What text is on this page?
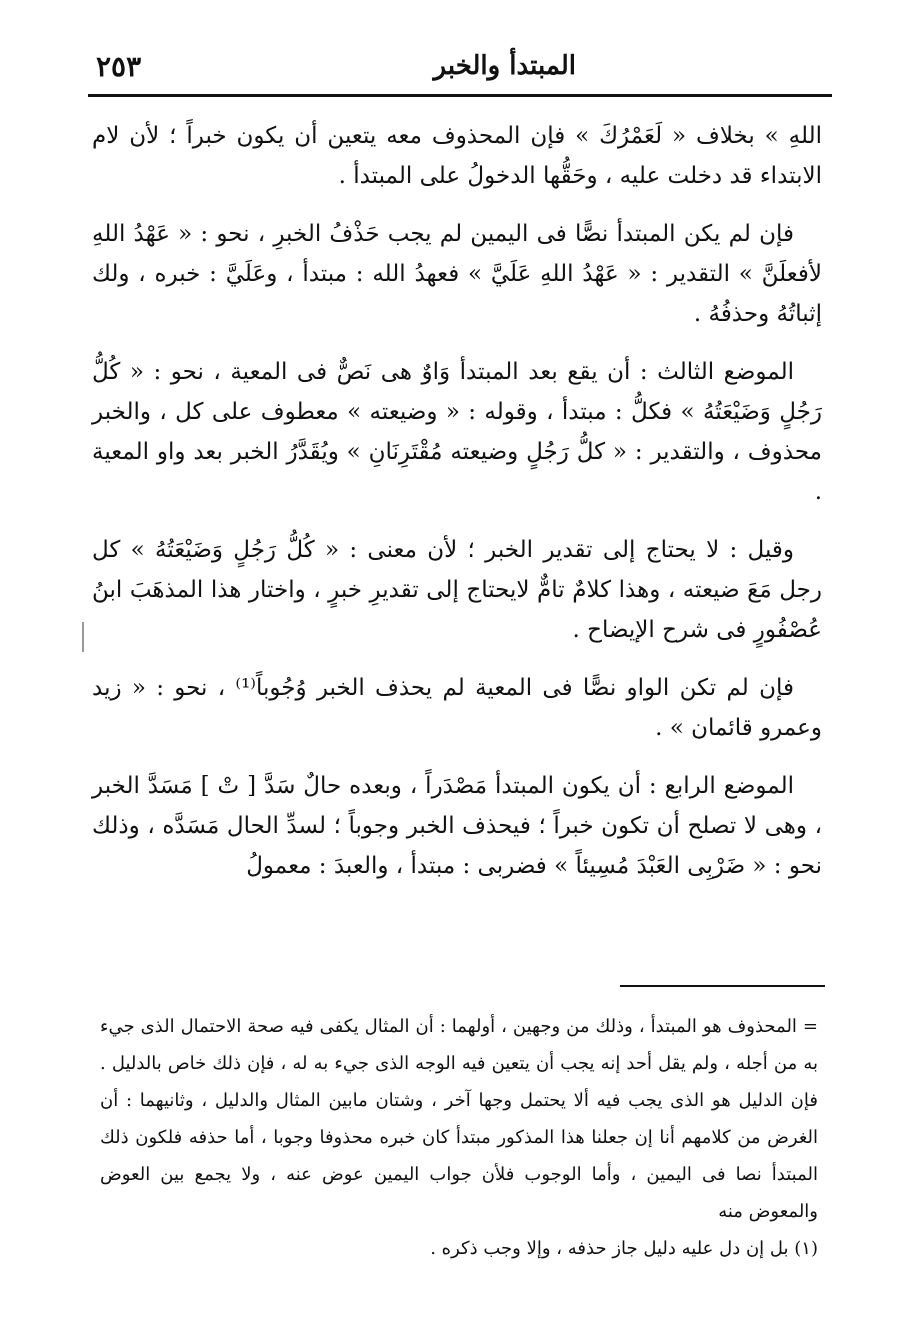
٢٥٣	المبتدأ والخبر

اللهِ » بخلاف « لَعَمْرُكَ » فإن المحذوف معه يتعين أن يكون خبراً ؛ لأن لام الابتداء قد دخلت عليه ، وحَقُّها الدخولُ على المبتدأ .

فإن لم يكن المبتدأ نصًّا فى اليمين لم يجب حَذْفُ الخبرِ ، نحو : « عَهْدُ اللهِ لأفعلَنَّ » التقدير : « عَهْدُ اللهِ عَلَيَّ » فعهدُ الله : مبتدأ ، وعَلَيَّ : خبره ، ولك إثباتُهُ وحذفُهُ .

الموضع الثالث : أن يقع بعد المبتدأ وَاوٌ هى نَصٌّ فى المعية ، نحو : « كُلُّ رَجُلٍ وَضَيْعَتُهُ » فكلُّ : مبتدأ ، وقوله : « وضيعته » معطوف على كل ، والخبر محذوف ، والتقدير : « كلُّ رَجُلٍ وضيعته مُقْتَرِنَانِ » ويُقَدَّرُ الخبر بعد واو المعية .

وقيل : لا يحتاج إلى تقدير الخبر ؛ لأن معنى : « كُلُّ رَجُلٍ وَضَيْعَتُهُ » كل رجل مَعَ ضيعته ، وهذا كلامٌ تامٌّ لايحتاج إلى تقديرِ خبرٍ ، واختار هذا المذهَبَ ابنُ عُصْفُورٍ فى شرح الإيضاح .

فإن لم تكن الواو نصًّا فى المعية لم يحذف الخبر وُجُوباً⁽¹⁾ ، نحو : « زيد وعمرو قائمان » .

الموضع الرابع : أن يكون المبتدأ مَصْدَراً ، وبعده حالٌ سَدَّ [ تْ ] مَسَدَّ الخبر ، وهى لا تصلح أن تكون خبراً ؛ فيحذف الخبر وجوباً ؛ لسدِّ الحال مَسَدَّه ، وذلك نحو : « ضَرْبِى العَبْدَ مُسِيئاً » فضربى : مبتدأ ، والعبدَ : معمولُ

= المحذوف هو المبتدأ ، وذلك من وجهين ، أولهما : أن المثال يكفى فيه صحة الاحتمال الذى جيء به من أجله ، ولم يقل أحد إنه يجب أن يتعين فيه الوجه الذى جيء به له ، فإن ذلك خاص بالدليل . فإن الدليل هو الذى يجب فيه ألا يحتمل وجها آخر ، وشتان مابين المثال والدليل ، وثانيهما : أن الغرض من كلامهم أنا إن جعلنا هذا المذكور مبتدأ كان خبره محذوفا وجوبا ، أما حذفه فلكون ذلك المبتدأ نصا فى اليمين ، وأما الوجوب فلأن جواب اليمين عوض عنه ، ولا يجمع بين العوض والمعوض منه

(١) بل إن دل عليه دليل جاز حذفه ، وإلا وجب ذكره .
